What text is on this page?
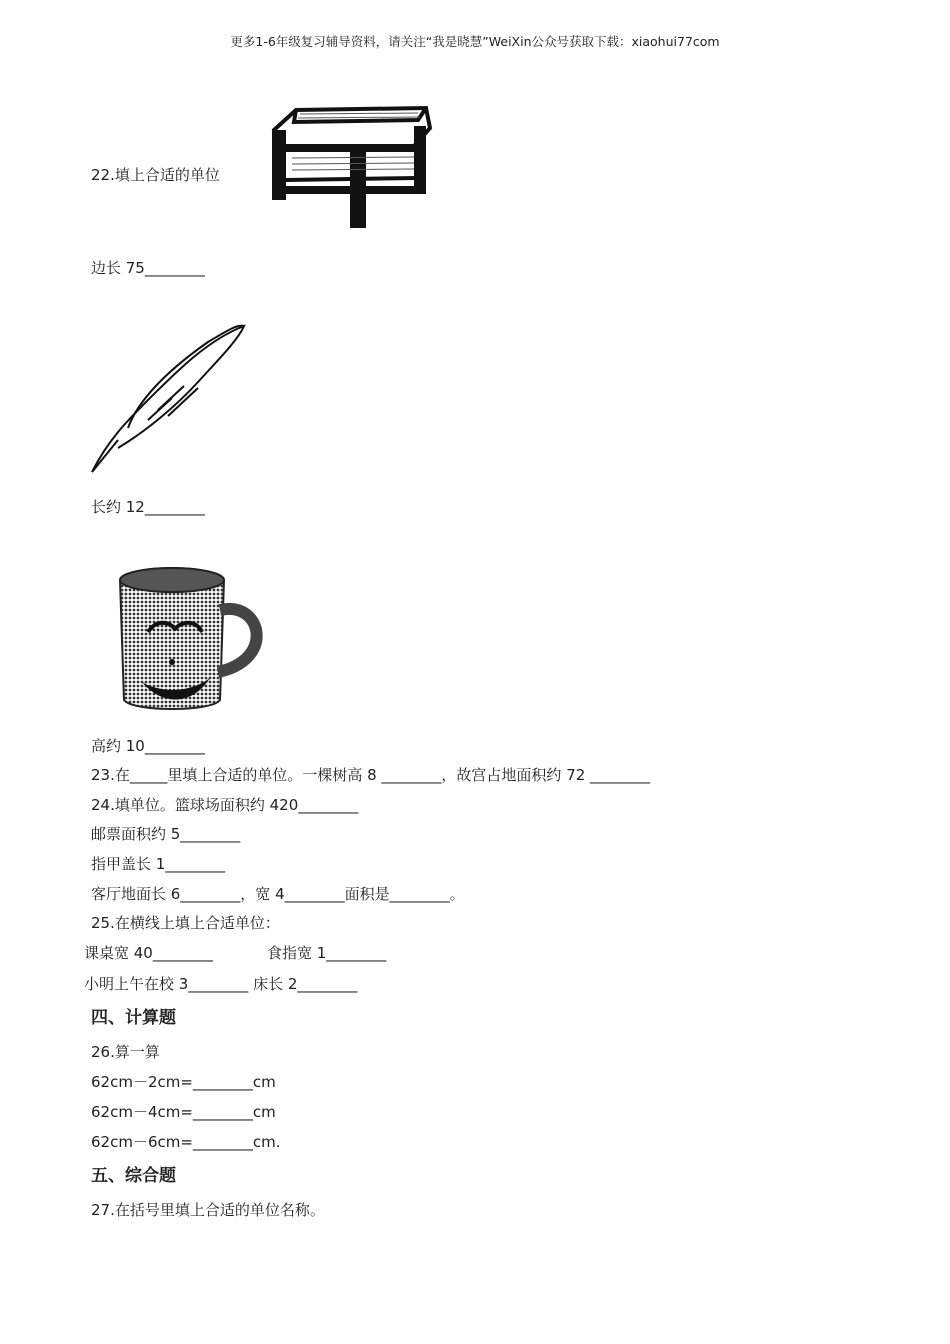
更多1-6年级复习辅导资料，请关注“我是晓慧”WeiXin公众号获取下载：xiaohui77com
22.填上合适的单位
边长 75________
长约 12________
高约 10________
23.在_____里填上合适的单位。一棵树高 8 ________，故宫占地面积约 72 ________
24.填单位。篮球场面积约 420________
邮票面积约 5________
指甲盖长 1________
客厅地面长 6________，宽 4________面积是________。
25.在横线上填上合适单位：
课桌宽 40________	食指宽 1________
小明上午在校 3________ 床长 2________
四、计算题
26.算一算
62cm－2cm=________cm
62cm－4cm=________cm
62cm－6cm=________cm.
五、综合题
27.在括号里填上合适的单位名称。
